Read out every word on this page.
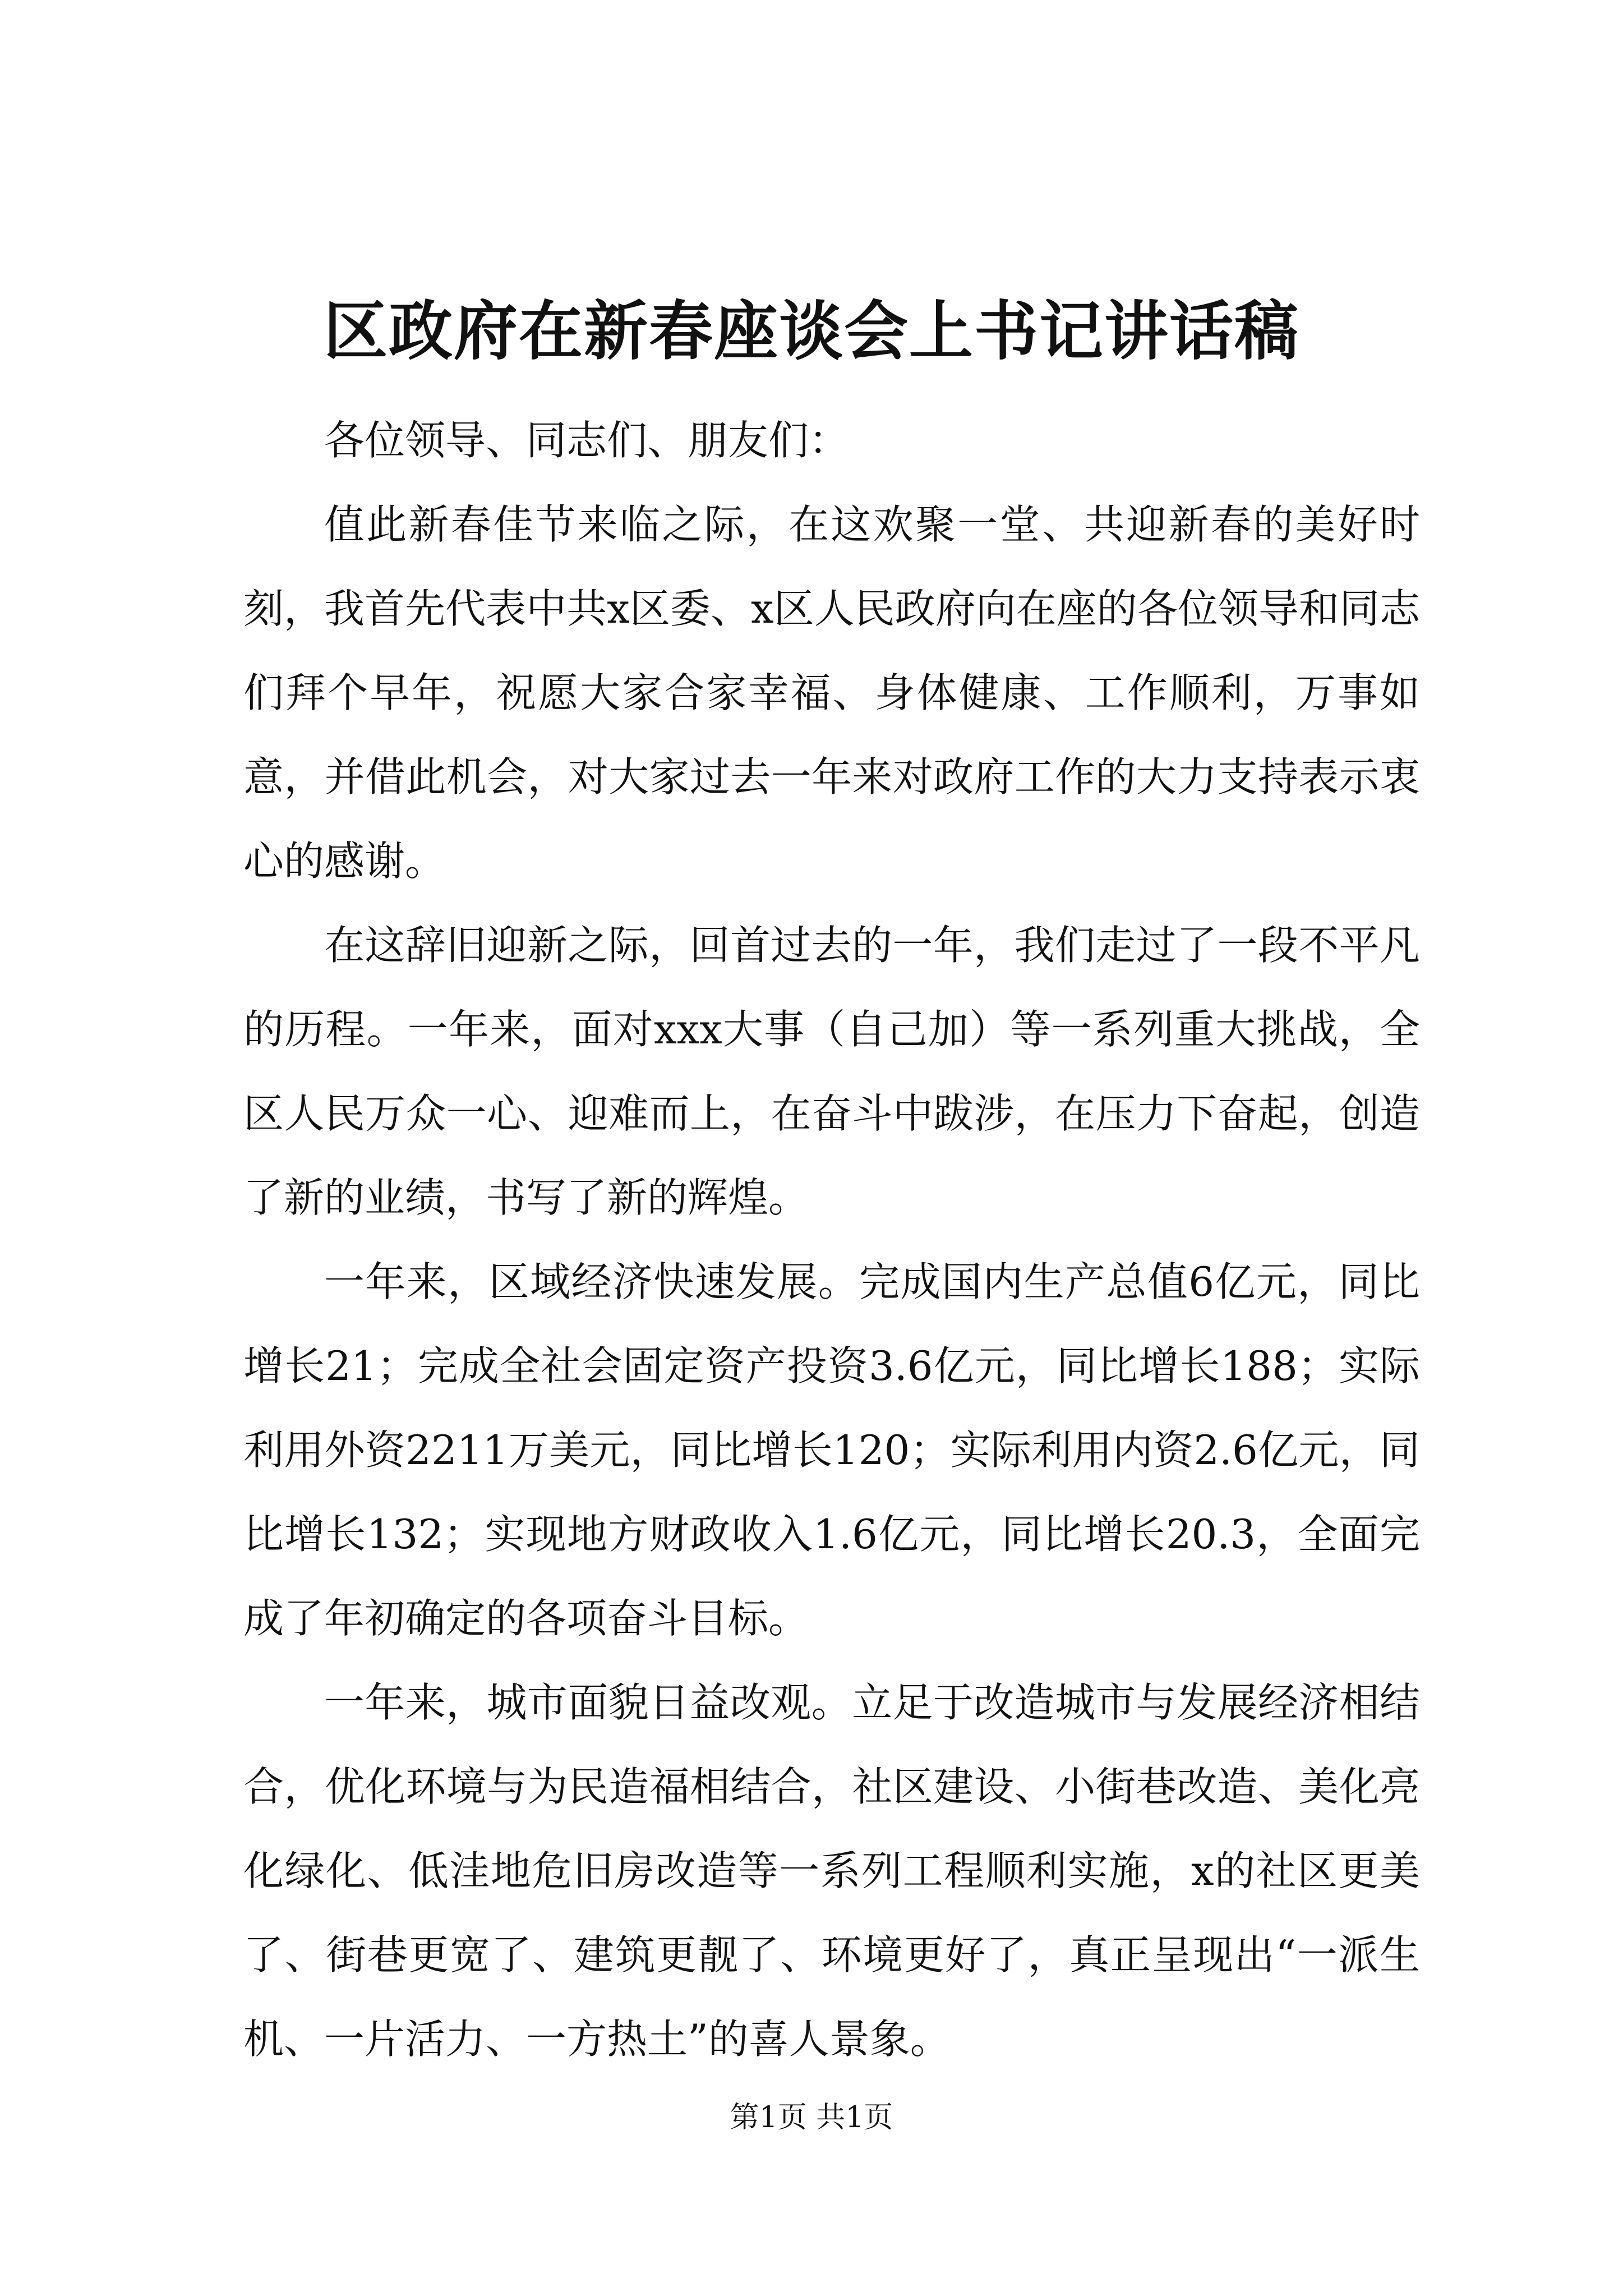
区政府在新春座谈会上书记讲话稿

各位领导、同志们、朋友们：

值此新春佳节来临之际，在这欢聚一堂、共迎新春的美好时刻，我首先代表中共x区委、x区人民政府向在座的各位领导和同志们拜个早年，祝愿大家合家幸福、身体健康、工作顺利，万事如意，并借此机会，对大家过去一年来对政府工作的大力支持表示衷心的感谢。

在这辞旧迎新之际，回首过去的一年，我们走过了一段不平凡的历程。一年来，面对xxx大事（自己加）等一系列重大挑战，全区人民万众一心、迎难而上，在奋斗中跋涉，在压力下奋起，创造了新的业绩，书写了新的辉煌。

一年来，区域经济快速发展。完成国内生产总值6亿元，同比增长21；完成全社会固定资产投资3.6亿元，同比增长188；实际利用外资2211万美元，同比增长120；实际利用内资2.6亿元，同比增长132；实现地方财政收入1.6亿元，同比增长20.3，全面完成了年初确定的各项奋斗目标。

一年来，城市面貌日益改观。立足于改造城市与发展经济相结合，优化环境与为民造福相结合，社区建设、小街巷改造、美化亮化绿化、低洼地危旧房改造等一系列工程顺利实施，x的社区更美了、街巷更宽了、建筑更靓了、环境更好了，真正呈现出“一派生机、一片活力、一方热土”的喜人景象。

第1页 共1页
